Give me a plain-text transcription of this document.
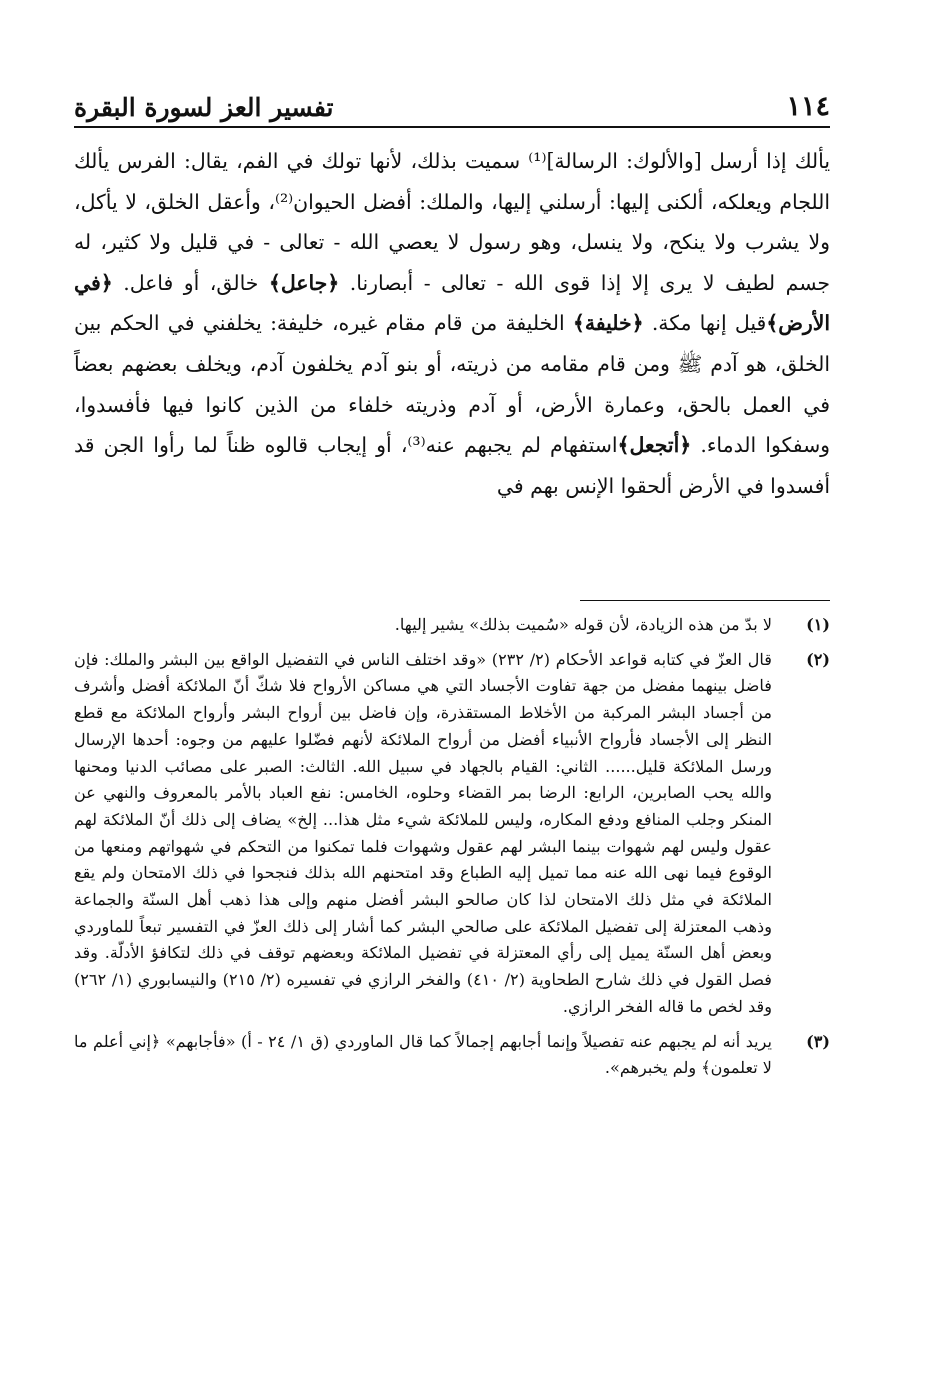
١١٤
تفسير العز لسورة البقرة

يألك إذا أرسل [والألوك: الرسالة]⁽¹⁾ سميت بذلك، لأنها تولك في الفم، يقال: الفرس يألك اللجام ويعلكه، ألكنى إليها: أرسلني إليها، والملك: أفضل الحيوان⁽²⁾، وأعقل الخلق، لا يأكل، ولا يشرب ولا ينكح، ولا ينسل، وهو رسول لا يعصي الله - تعالى - في قليل ولا كثير، له جسم لطيف لا يرى إلا إذا قوى الله - تعالى - أبصارنا. ﴿جاعل﴾ خالق، أو فاعل. ﴿في الأرض﴾قيل إنها مكة. ﴿خليفة﴾ الخليفة من قام مقام غيره، خليفة: يخلفني في الحكم بين الخلق، هو آدم ﷺ ومن قام مقامه من ذريته، أو بنو آدم يخلفون آدم، ويخلف بعضهم بعضاً في العمل بالحق، وعمارة الأرض، أو آدم وذريته خلفاء من الذين كانوا فيها فأفسدوا، وسفكوا الدماء. ﴿أتجعل﴾استفهام لم يجبهم عنه⁽³⁾، أو إيجاب قالوه ظناً لما رأوا الجن قد أفسدوا في الأرض ألحقوا الإنس بهم في

(١)
لا بدّ من هذه الزيادة، لأن قوله «سُميت بذلك» يشير إليها.
(٢)
قال العزّ في كتابه قواعد الأحكام (٢/ ٢٣٢) «وقد اختلف الناس في التفضيل الواقع بين البشر والملك: فإن فاضل بينهما مفضل من جهة تفاوت الأجساد التي هي مساكن الأرواح فلا شكّ أنّ الملائكة أفضل وأشرف من أجساد البشر المركبة من الأخلاط المستقذرة، وإن فاضل بين أرواح البشر وأرواح الملائكة مع قطع النظر إلى الأجساد فأرواح الأنبياء أفضل من أرواح الملائكة لأنهم فضّلوا عليهم من وجوه: أحدها الإرسال ورسل الملائكة قليل...... الثاني: القيام بالجهاد في سبيل الله. الثالث: الصبر على مصائب الدنيا ومحنها والله يحب الصابرين، الرابع: الرضا بمر القضاء وحلوه، الخامس: نفع العباد بالأمر بالمعروف والنهي عن المنكر وجلب المنافع ودفع المكاره، وليس للملائكة شيء مثل هذا... إلخ» يضاف إلى ذلك أنّ الملائكة لهم عقول وليس لهم شهوات بينما البشر لهم عقول وشهوات فلما تمكنوا من التحكم في شهواتهم ومنعها من الوقوع فيما نهى الله عنه مما تميل إليه الطباع وقد امتحنهم الله بذلك فنجحوا في ذلك الامتحان ولم يقع الملائكة في مثل ذلك الامتحان لذا كان صالحو البشر أفضل منهم وإلى هذا ذهب أهل السنّة والجماعة وذهب المعتزلة إلى تفضيل الملائكة على صالحي البشر كما أشار إلى ذلك العزّ في التفسير تبعاً للماوردي وبعض أهل السنّة يميل إلى رأي المعتزلة في تفضيل الملائكة وبعضهم توقف في ذلك لتكافؤ الأدلّة. وقد فصل القول في ذلك شارح الطحاوية (٢/ ٤١٠) والفخر الرازي في تفسيره (٢/ ٢١٥) والنيسابوري (١/ ٢٦٢) وقد لخص ما قاله الفخر الرازي.
(٣)
يريد أنه لم يجبهم عنه تفصيلاً وإنما أجابهم إجمالاً كما قال الماوردي (ق ١/ ٢٤ - أ) «فأجابهم» ﴿إني أعلم ما لا تعلمون﴾ ولم يخبرهم».
